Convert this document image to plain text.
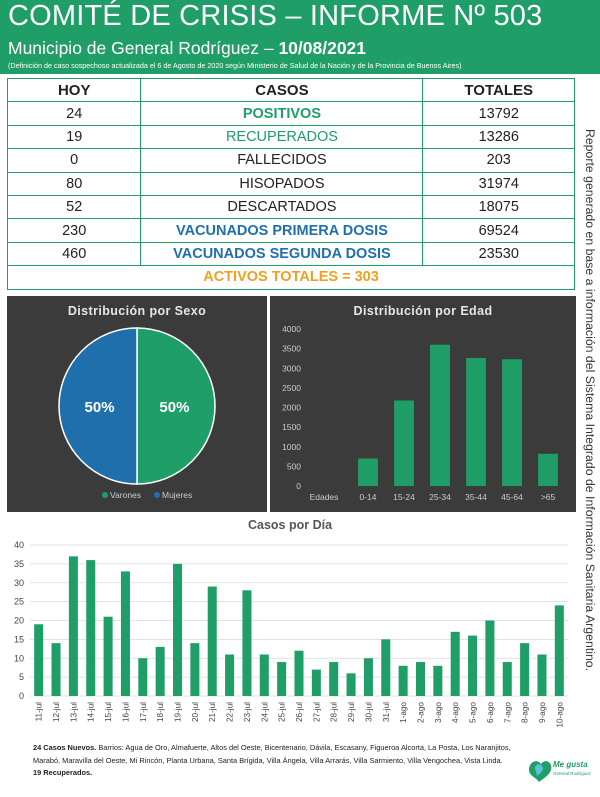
COMITÉ DE CRISIS – INFORME Nº 503
Municipio de General Rodríguez – 10/08/2021
(Definición de caso sospechoso actualizada el 6 de Agosto de 2020 según Ministerio de Salud de la Nación y de la Provincia de Buenos Aires)
HOY	CASOS	TOTALES
24	POSITIVOS	13792
19	RECUPERADOS	13286
0	FALLECIDOS	203
80	HISOPADOS	31974
52	DESCARTADOS	18075
230	VACUNADOS PRIMERA DOSIS	69524
460	VACUNADOS SEGUNDA DOSIS	23530
ACTIVOS TOTALES = 303		
Distribución por Sexo
50%
50%
Varones Mujeres
Distribución por Edad
0
500
1000
1500
2000
2500
3000
3500
4000
Edades 0-14 15-24 25-34 35-44 45-64 >65
Casos por Día
0
5
10
15
20
25
30
35
40
11-jul 12-jul 13-jul 14-jul 15-jul 16-jul 17-jul 18-jul 19-jul 20-jul 21-jul 22-jul 23-jul 24-jul 25-jul 26-jul 27-jul 28-jul 29-jul 30-jul 31-jul 1-ago 2-ago 3-ago 4-ago 5-ago 6-ago 7-ago 8-ago 9-ago 10-ago
Reporte generado en base a información del Sistema Integrado de Información Sanitaria Argentino.
24 Casos Nuevos. Barrios: Agua de Oro, Almafuerte, Altos del Oeste, Bicentenario, Dávila, Escasany, Figueroa Alcorta, La Posta, Los Naranjitos, Marabó, Maravilla del Oeste, Mi Rincón, Planta Urbana, Santa Brígida, Villa Ángela, Villa Arrarás, Villa Sarmiento, Villa Vengochea, Vista Linda.
19 Recuperados.
Me gusta
General Rodríguez
